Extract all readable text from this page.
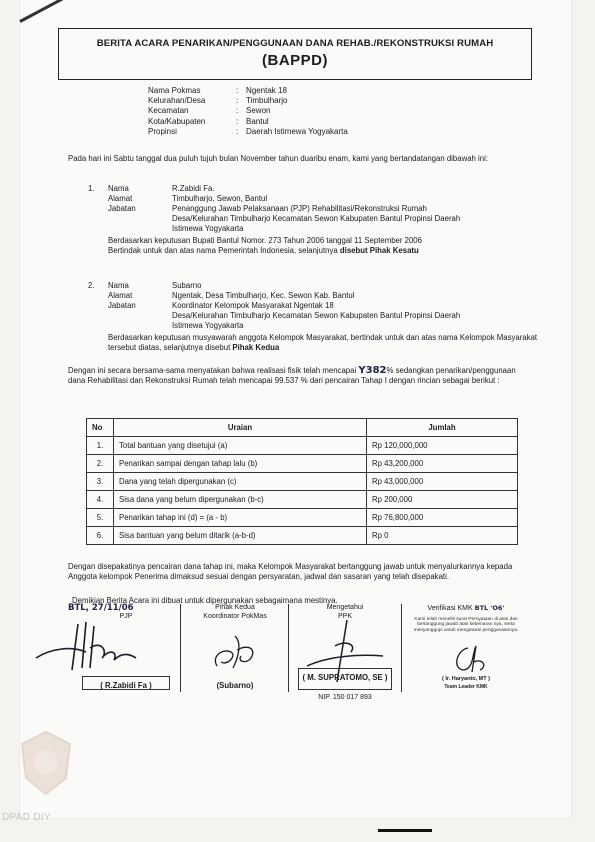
BERITA ACARA PENARIKAN/PENGGUNAAN DANA REHAB./REKONSTRUKSI RUMAH
(BAPPD)
Nama Pokmas	: Ngentak 18
Kelurahan/Desa	: Timbulharjo
Kecamatan	: Sewon
Kota/Kabupaten	: Bantul
Propinsi	: Daerah Istimewa Yogyakarta
Pada hari ini Sabtu tanggal dua puluh tujuh bulan November tahun duaribu enam, kami yang bertandatangan dibawah ini:
1.	Nama	R.Zabidi Fa.
Alamat	Timbulharjo, Sewon, Bantul
Jabatan	Penanggung Jawab Pelaksanaan (PJP) Rehabilitasi/Rekonstruksi Rumah
Desa/Kelurahan Timbulharjo Kecamatan Sewon Kabupaten Bantul Propinsi Daerah
Istimewa Yogyakarta
Berdasarkan keputusan Bupati Bantul Nomor. 273 Tahun 2006 tanggal 11 September 2006
Bertindak untuk dan atas nama Pemerintah Indonesia, selanjutnya disebut Pihak Kesatu
2.	Nama	Subarno
Alamat	Ngentak, Desa Timbulharjo, Kec. Sewon Kab. Bantul
Jabatan	Koordinator Kelompok Masyarakat Ngentak 18
Desa/Kelurahan Timbulharjo Kecamatan Sewon Kabupaten Bantul Propinsi Daerah
Istimewa Yogyakarta
Berdasarkan keputusan musyawarah anggota Kelompok Masyarakat, bertindak untuk dan atas nama Kelompok Masyarakat tersebut diatas, selanjutnya disebut Pihak Kedua
Dengan ini secara bersama-sama menyatakan bahwa realisasi fisik telah mencapai Y382% sedangkan penarikan/penggunaan dana Rehabilitasi dan Rekonstruksi Rumah telah mencapai 99.537 % dari pencairan Tahap I dengan rincian sebagai berikut :
No	Uraian	Jumlah
1.	Total bantuan yang disetujui (a)	Rp 120,000,000
2.	Penarikan sampai dengan tahap lalu (b)	Rp 43,200,000
3.	Dana yang telah dipergunakan (c)	Rp 43,000,000
4.	Sisa dana yang belum dipergunakan (b-c)	Rp 200,000
5.	Penarikan tahap ini (d) = (a - b)	Rp 76,800,000
6.	Sisa bantuan yang belum ditarik (a-b-d)	Rp 0
Dengan disepakatinya pencairan dana tahap ini, maka Kelompok Masyarakat bertanggung jawab untuk menyalurkannya kepada Anggota kelompok Penerima dimaksud sesuai dengan persyaratan, jadwal dan sasaran yang telah disepakati.
Demikian Berita Acara ini dibuat untuk dipergunakan sebagaimana mestinya.
BTL, 27/11/06
PJP
( R.Zabidi Fa )
Pihak Kedua
Koordinator PokMas
(Subarno)
Mengetahui
PPK
( M. SUPRATOMO, SE )
NIP. 150 017 893
Verifikasi KMK BTL 'O6'
Kami telah meneliti surat Pernyataan di atas dan bertanggung jawab atas kebenaran nya, serta menyanggupi untuk mengawasi penggunaannya.
( Ir. Haryanto, MT )
Team Leader KMK
DPAD DIY
